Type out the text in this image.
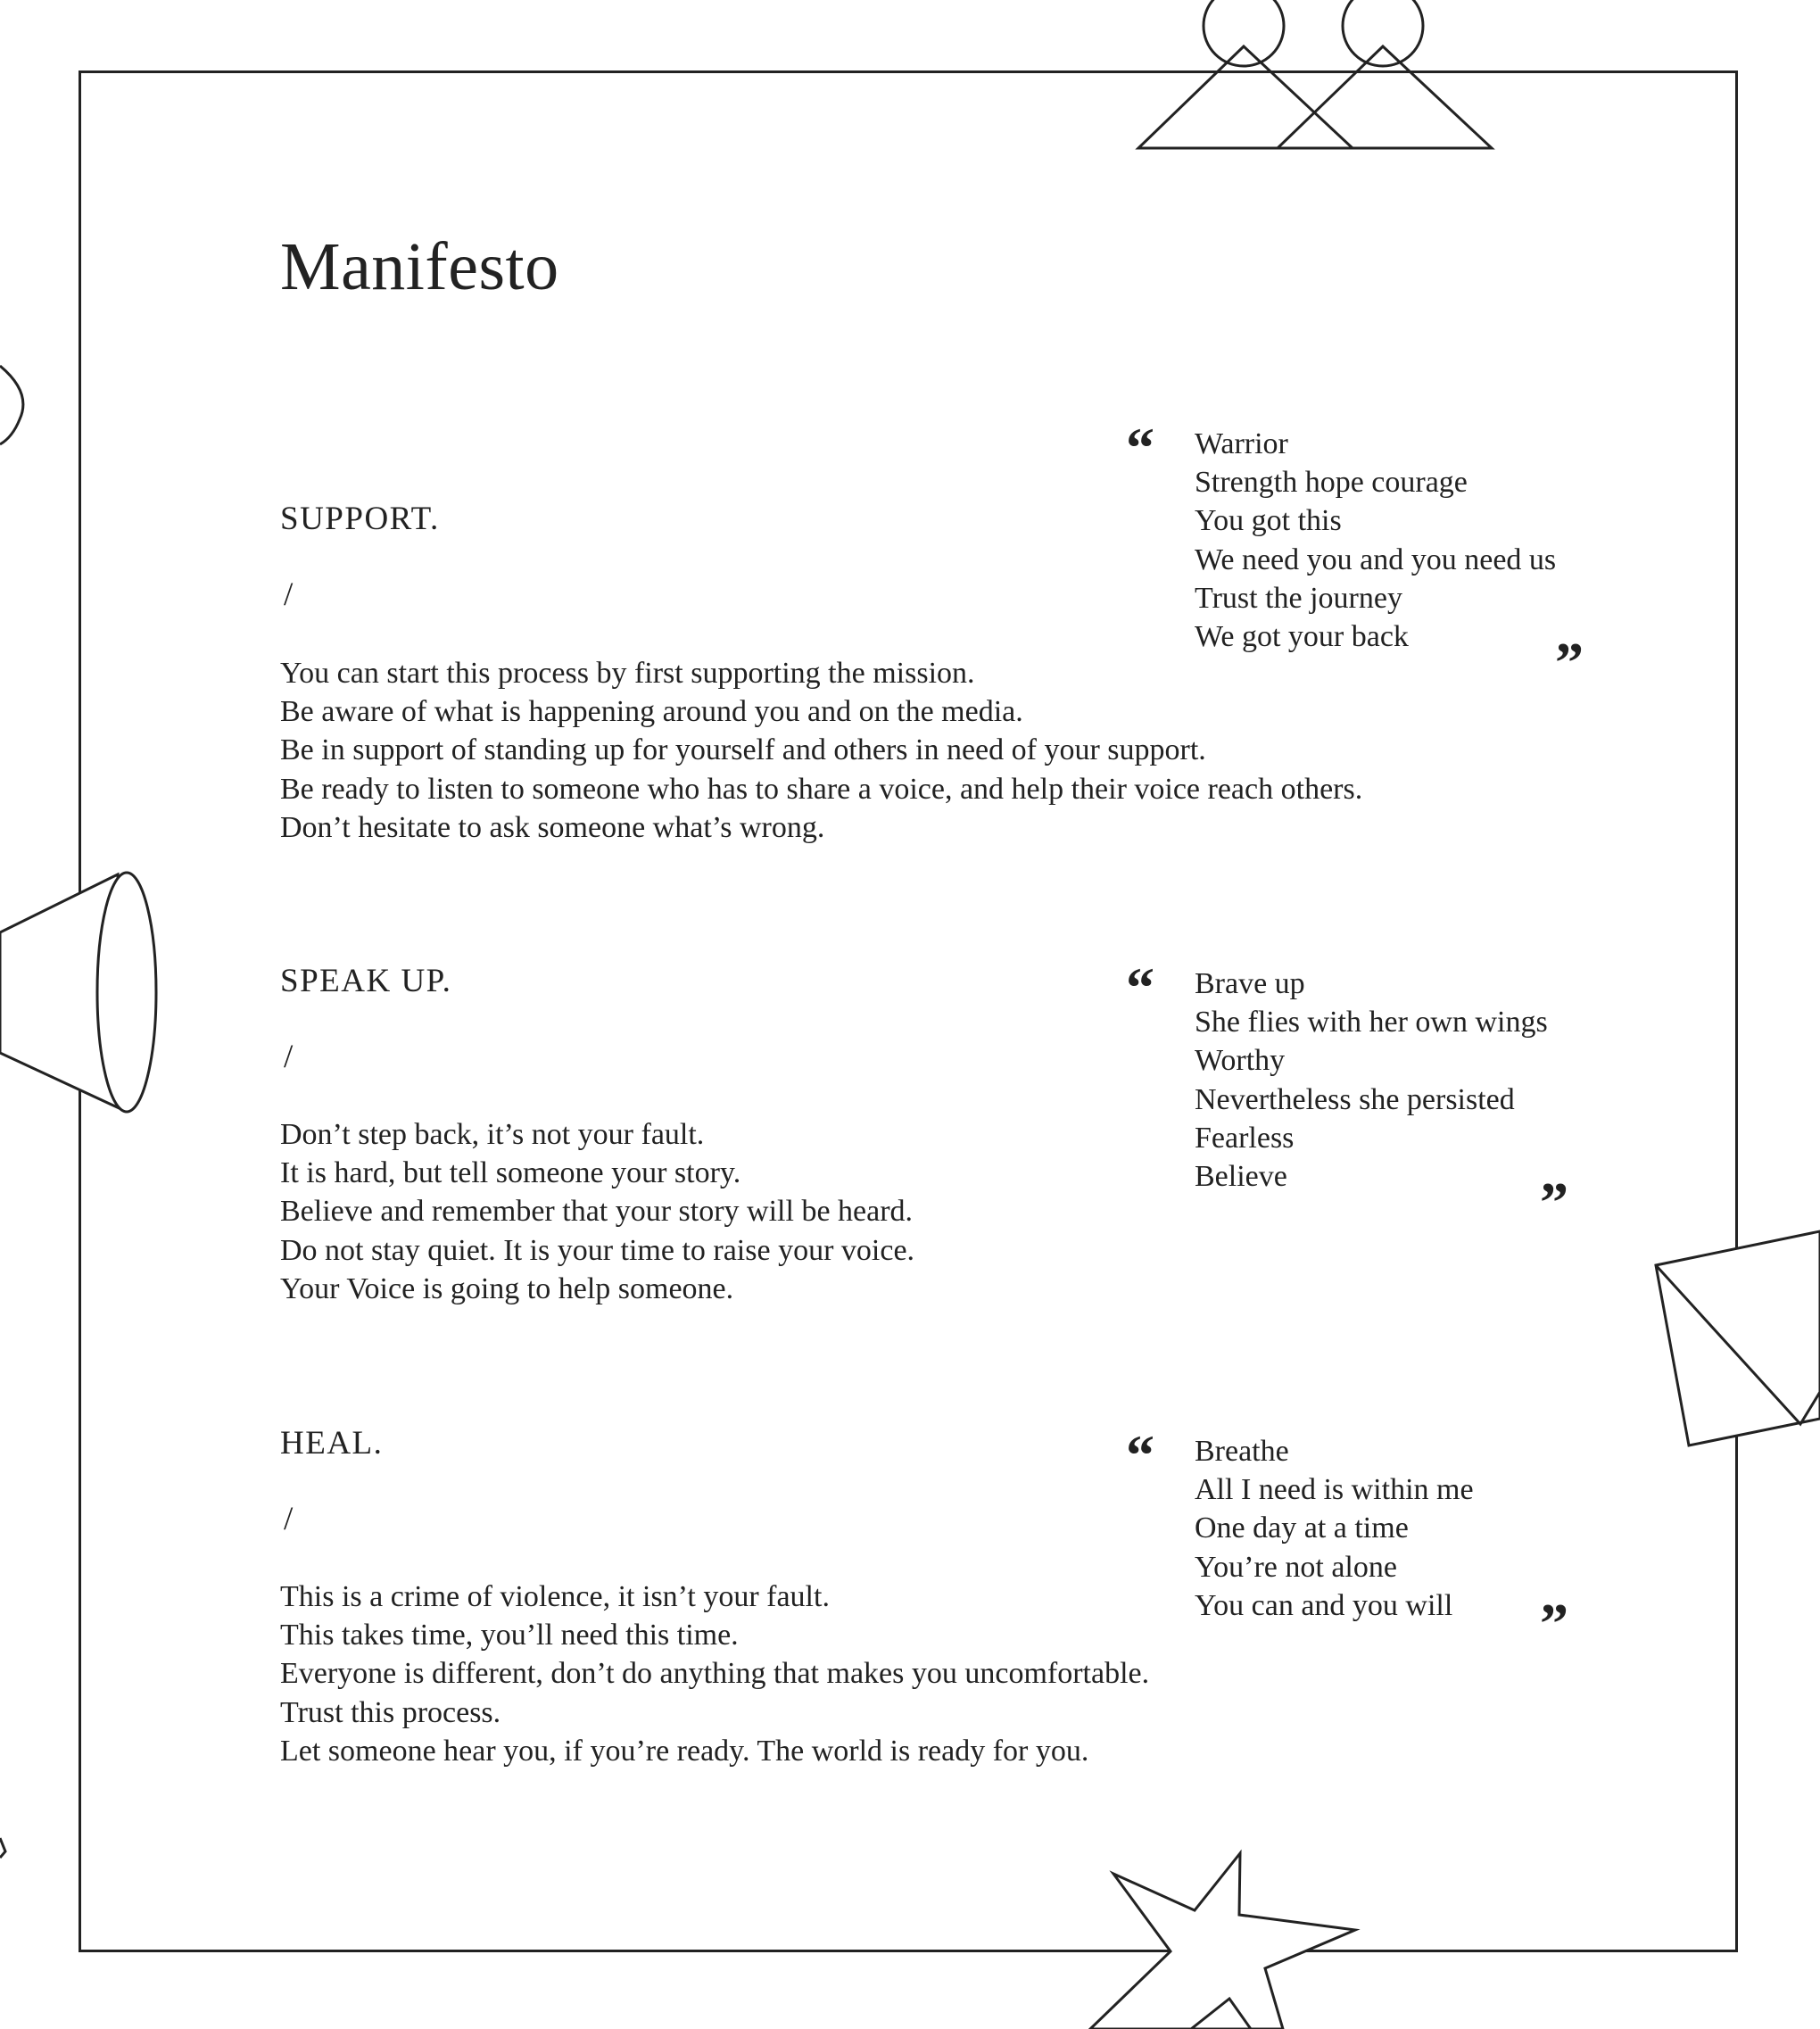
Manifesto
SUPPORT.
/
You can start this process by first supporting the mission.
Be aware of what is happening around you and on the media.
Be in support of standing up for yourself and others in need of your support.
Be ready to listen to someone who has to share a voice, and help their voice reach others.
Don’t hesitate to ask someone what’s wrong.
“ Warrior
Strength hope courage
You got this
We need you and you need us
Trust the journey
We got your back	”
SPEAK UP.
/
Don’t step back, it’s not your fault.
It is hard, but tell someone your story.
Believe and remember that your story will be heard.
Do not stay quiet. It is your time to raise your voice.
Your Voice is going to help someone.
“ Brave up
She flies with her own wings
Worthy
Nevertheless she persisted
Fearless
Believe	”
HEAL.
/
This is a crime of violence, it isn’t your fault.
This takes time, you’ll need this time.
Everyone is different, don’t do anything that makes you uncomfortable.
Trust this process.
Let someone hear you, if you’re ready. The world is ready for you.
“ Breathe
All I need is within me
One day at a time
You’re not alone
You can and you will	”
